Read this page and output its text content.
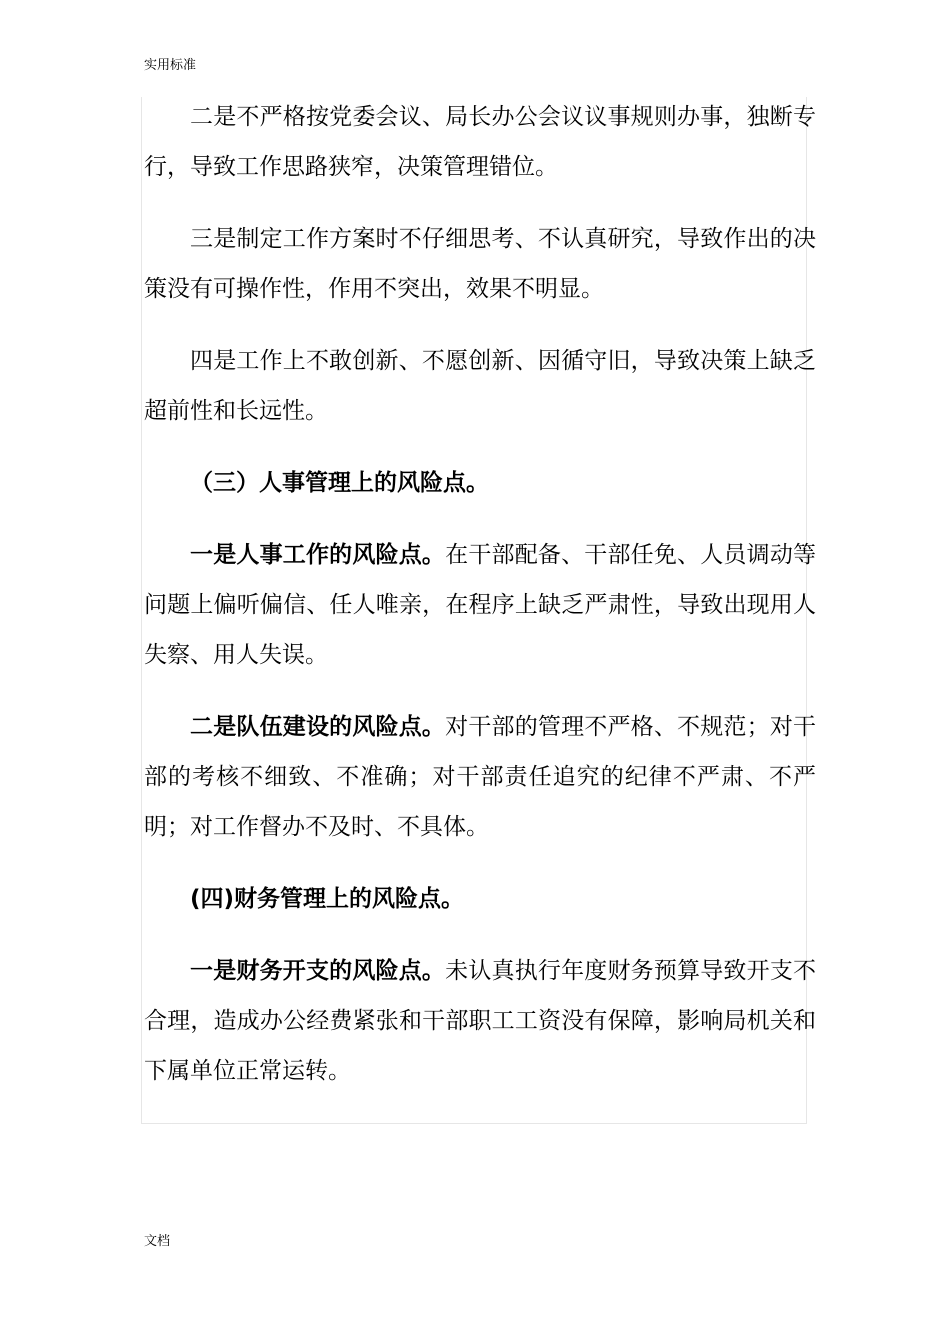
实用标准

二是不严格按党委会议、局长办公会议议事规则办事，独断专行，导致工作思路狭窄，决策管理错位。

三是制定工作方案时不仔细思考、不认真研究，导致作出的决策没有可操作性，作用不突出，效果不明显。

四是工作上不敢创新、不愿创新、因循守旧，导致决策上缺乏超前性和长远性。

（三）人事管理上的风险点。

一是人事工作的风险点。在干部配备、干部任免、人员调动等问题上偏听偏信、任人唯亲，在程序上缺乏严肃性，导致出现用人失察、用人失误。

二是队伍建设的风险点。对干部的管理不严格、不规范；对干部的考核不细致、不准确；对干部责任追究的纪律不严肃、不严明；对工作督办不及时、不具体。

(四)财务管理上的风险点。

一是财务开支的风险点。未认真执行年度财务预算导致开支不合理，造成办公经费紧张和干部职工工资没有保障，影响局机关和下属单位正常运转。

文档
